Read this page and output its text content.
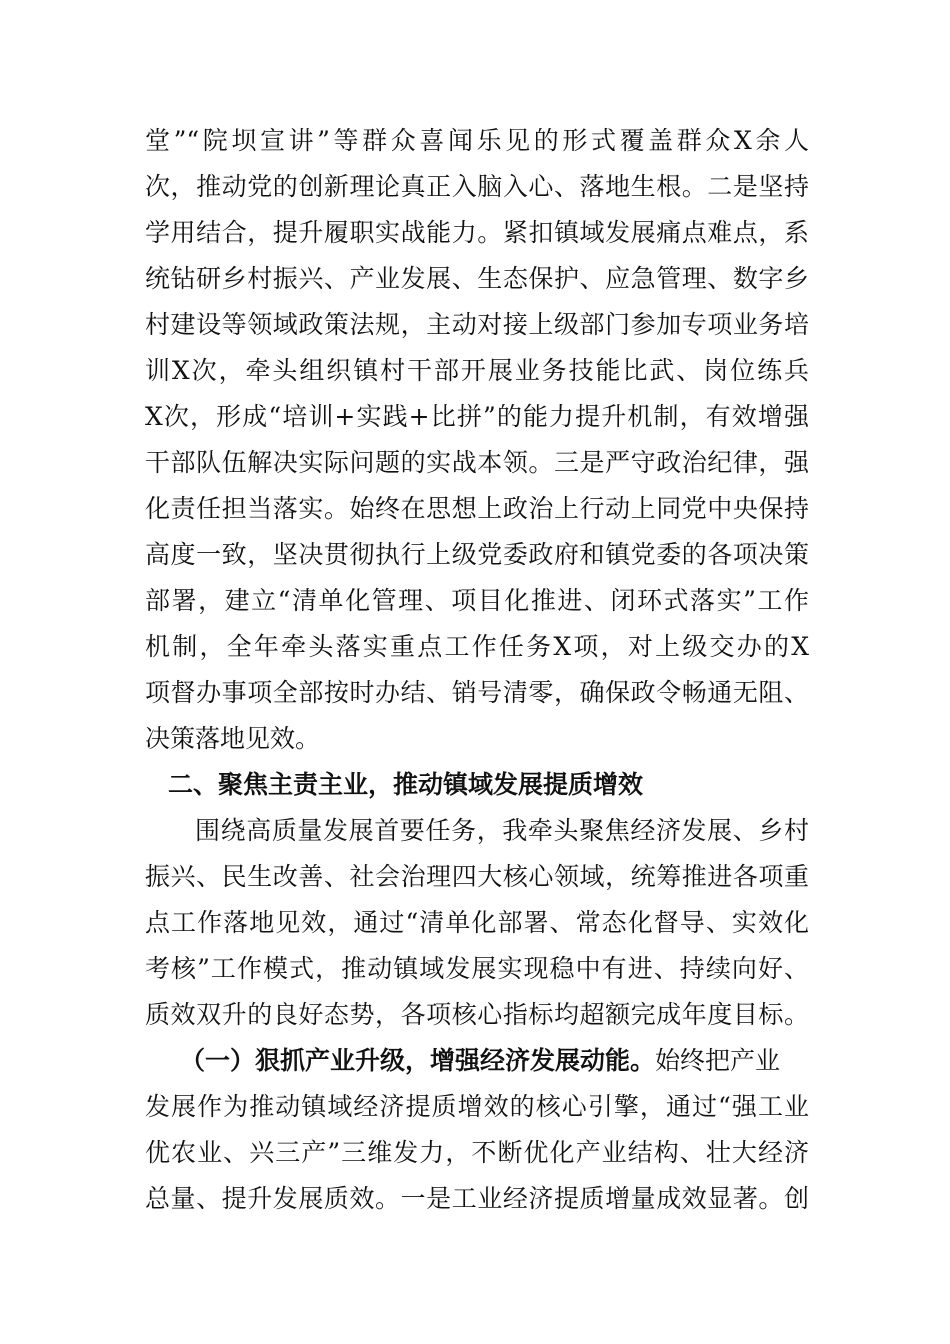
堂”“院坝宣讲”等群众喜闻乐见的形式覆盖群众X余人
次，推动党的创新理论真正入脑入心、落地生根。二是坚持
学用结合，提升履职实战能力。紧扣镇域发展痛点难点，系
统钻研乡村振兴、产业发展、生态保护、应急管理、数字乡
村建设等领域政策法规，主动对接上级部门参加专项业务培
训X次，牵头组织镇村干部开展业务技能比武、岗位练兵
X次，形成“培训+实践+比拼”的能力提升机制，有效增强
干部队伍解决实际问题的实战本领。三是严守政治纪律，强
化责任担当落实。始终在思想上政治上行动上同党中央保持
高度一致，坚决贯彻执行上级党委政府和镇党委的各项决策
部署，建立“清单化管理、项目化推进、闭环式落实”工作
机制，全年牵头落实重点工作任务X项，对上级交办的X
项督办事项全部按时办结、销号清零，确保政令畅通无阻、
决策落地见效。
二、聚焦主责主业，推动镇域发展提质增效
围绕高质量发展首要任务，我牵头聚焦经济发展、乡村
振兴、民生改善、社会治理四大核心领域，统筹推进各项重
点工作落地见效，通过“清单化部署、常态化督导、实效化
考核”工作模式，推动镇域发展实现稳中有进、持续向好、
质效双升的良好态势，各项核心指标均超额完成年度目标。
（一）狠抓产业升级，增强经济发展动能。始终把产业
发展作为推动镇域经济提质增效的核心引擎，通过“强工业
优农业、兴三产”三维发力，不断优化产业结构、壮大经济
总量、提升发展质效。一是工业经济提质增量成效显著。创
